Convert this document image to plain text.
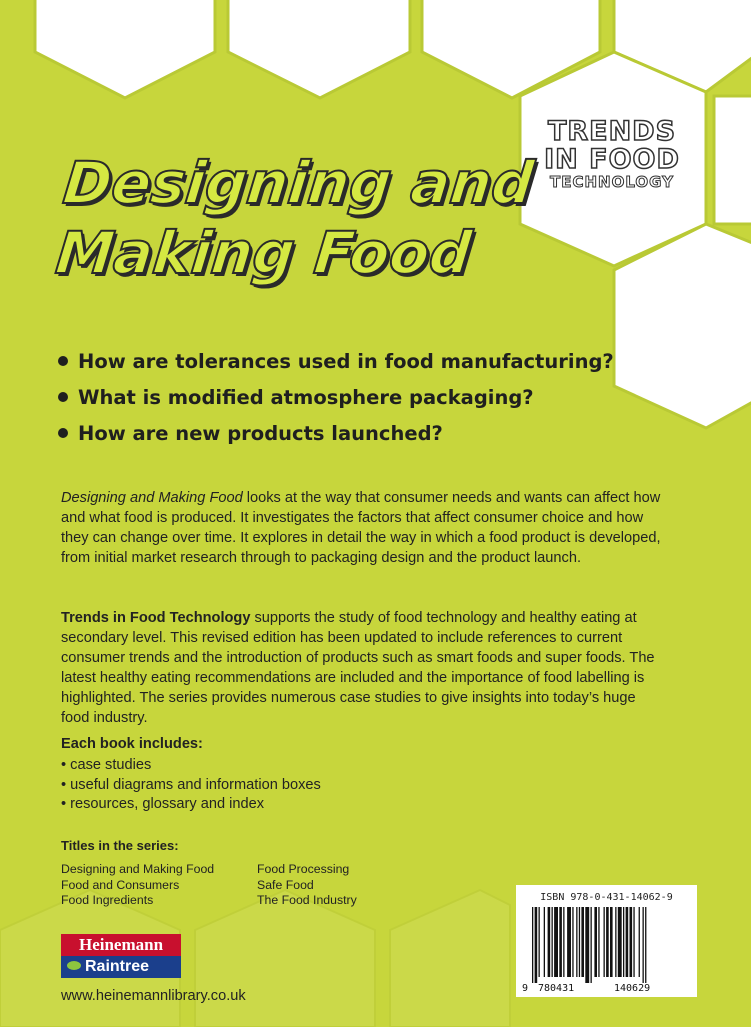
TRENDS
IN FOOD
TECHNOLOGY
Designing and
Making Food
How are tolerances used in food manufacturing?
What is modified atmosphere packaging?
How are new products launched?

Designing and Making Food looks at the way that consumer needs and wants can affect how and what food is produced. It investigates the factors that affect consumer choice and how they can change over time. It explores in detail the way in which a food product is developed, from initial market research through to packaging design and the product launch.

Trends in Food Technology supports the study of food technology and healthy eating at secondary level. This revised edition has been updated to include references to current consumer trends and the introduction of products such as smart foods and super foods. The latest healthy eating recommendations are included and the importance of food labelling is highlighted. The series provides numerous case studies to give insights into today’s huge food industry.

Each book includes:

• case studies
• useful diagrams and information boxes
• resources, glossary and index

Titles in the series:

Designing and Making Food
Food and Consumers
Food Ingredients
Food Processing
Safe Food
The Food Industry
Heinemann
Raintree

www.heinemannlibrary.co.uk

ISBN 978-0-431-14062-9
9 780431	140629
